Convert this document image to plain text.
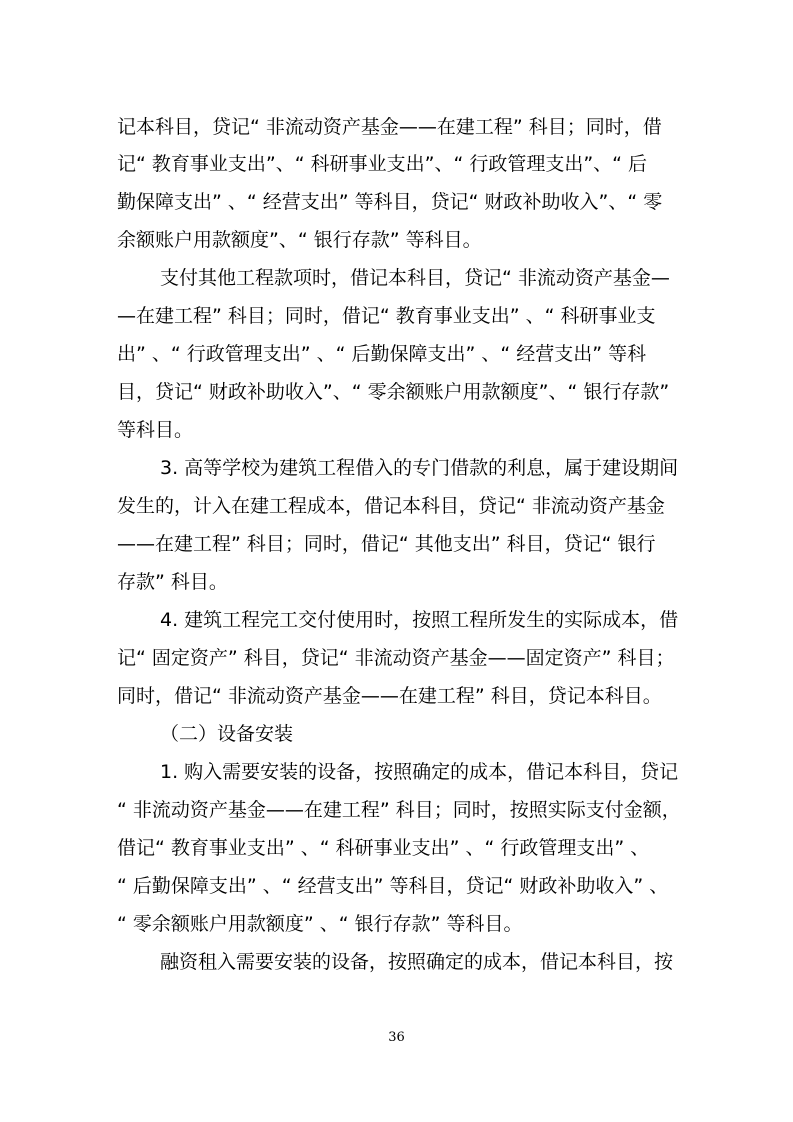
记本科目，贷记“ 非流动资产基金——在建工程” 科目；同时，借
记“ 教育事业支出”、“ 科研事业支出”、“ 行政管理支出”、“ 后
勤保障支出” 、“ 经营支出” 等科目，贷记“ 财政补助收入”、“ 零
余额账户用款额度”、“ 银行存款” 等科目。
支付其他工程款项时，借记本科目，贷记“ 非流动资产基金—
—在建工程” 科目；同时，借记“ 教育事业支出” 、“ 科研事业支
出” 、“ 行政管理支出” 、“ 后勤保障支出” 、“ 经营支出” 等科
目，贷记“ 财政补助收入”、“ 零余额账户用款额度”、“ 银行存款”
等科目。
3. 高等学校为建筑工程借入的专门借款的利息，属于建设期间
发生的，计入在建工程成本，借记本科目，贷记“ 非流动资产基金
——在建工程” 科目；同时，借记“ 其他支出” 科目，贷记“ 银行
存款” 科目。
4. 建筑工程完工交付使用时，按照工程所发生的实际成本，借
记“ 固定资产” 科目，贷记“ 非流动资产基金——固定资产” 科目；
同时，借记“ 非流动资产基金——在建工程” 科目，贷记本科目。
（二）设备安装
1. 购入需要安装的设备，按照确定的成本，借记本科目，贷记
“ 非流动资产基金——在建工程” 科目；同时，按照实际支付金额，
借记“ 教育事业支出” 、“ 科研事业支出” 、“ 行政管理支出” 、
“ 后勤保障支出” 、“ 经营支出” 等科目，贷记“ 财政补助收入” 、
“ 零余额账户用款额度” 、“ 银行存款” 等科目。
融资租入需要安装的设备，按照确定的成本，借记本科目，按
36
